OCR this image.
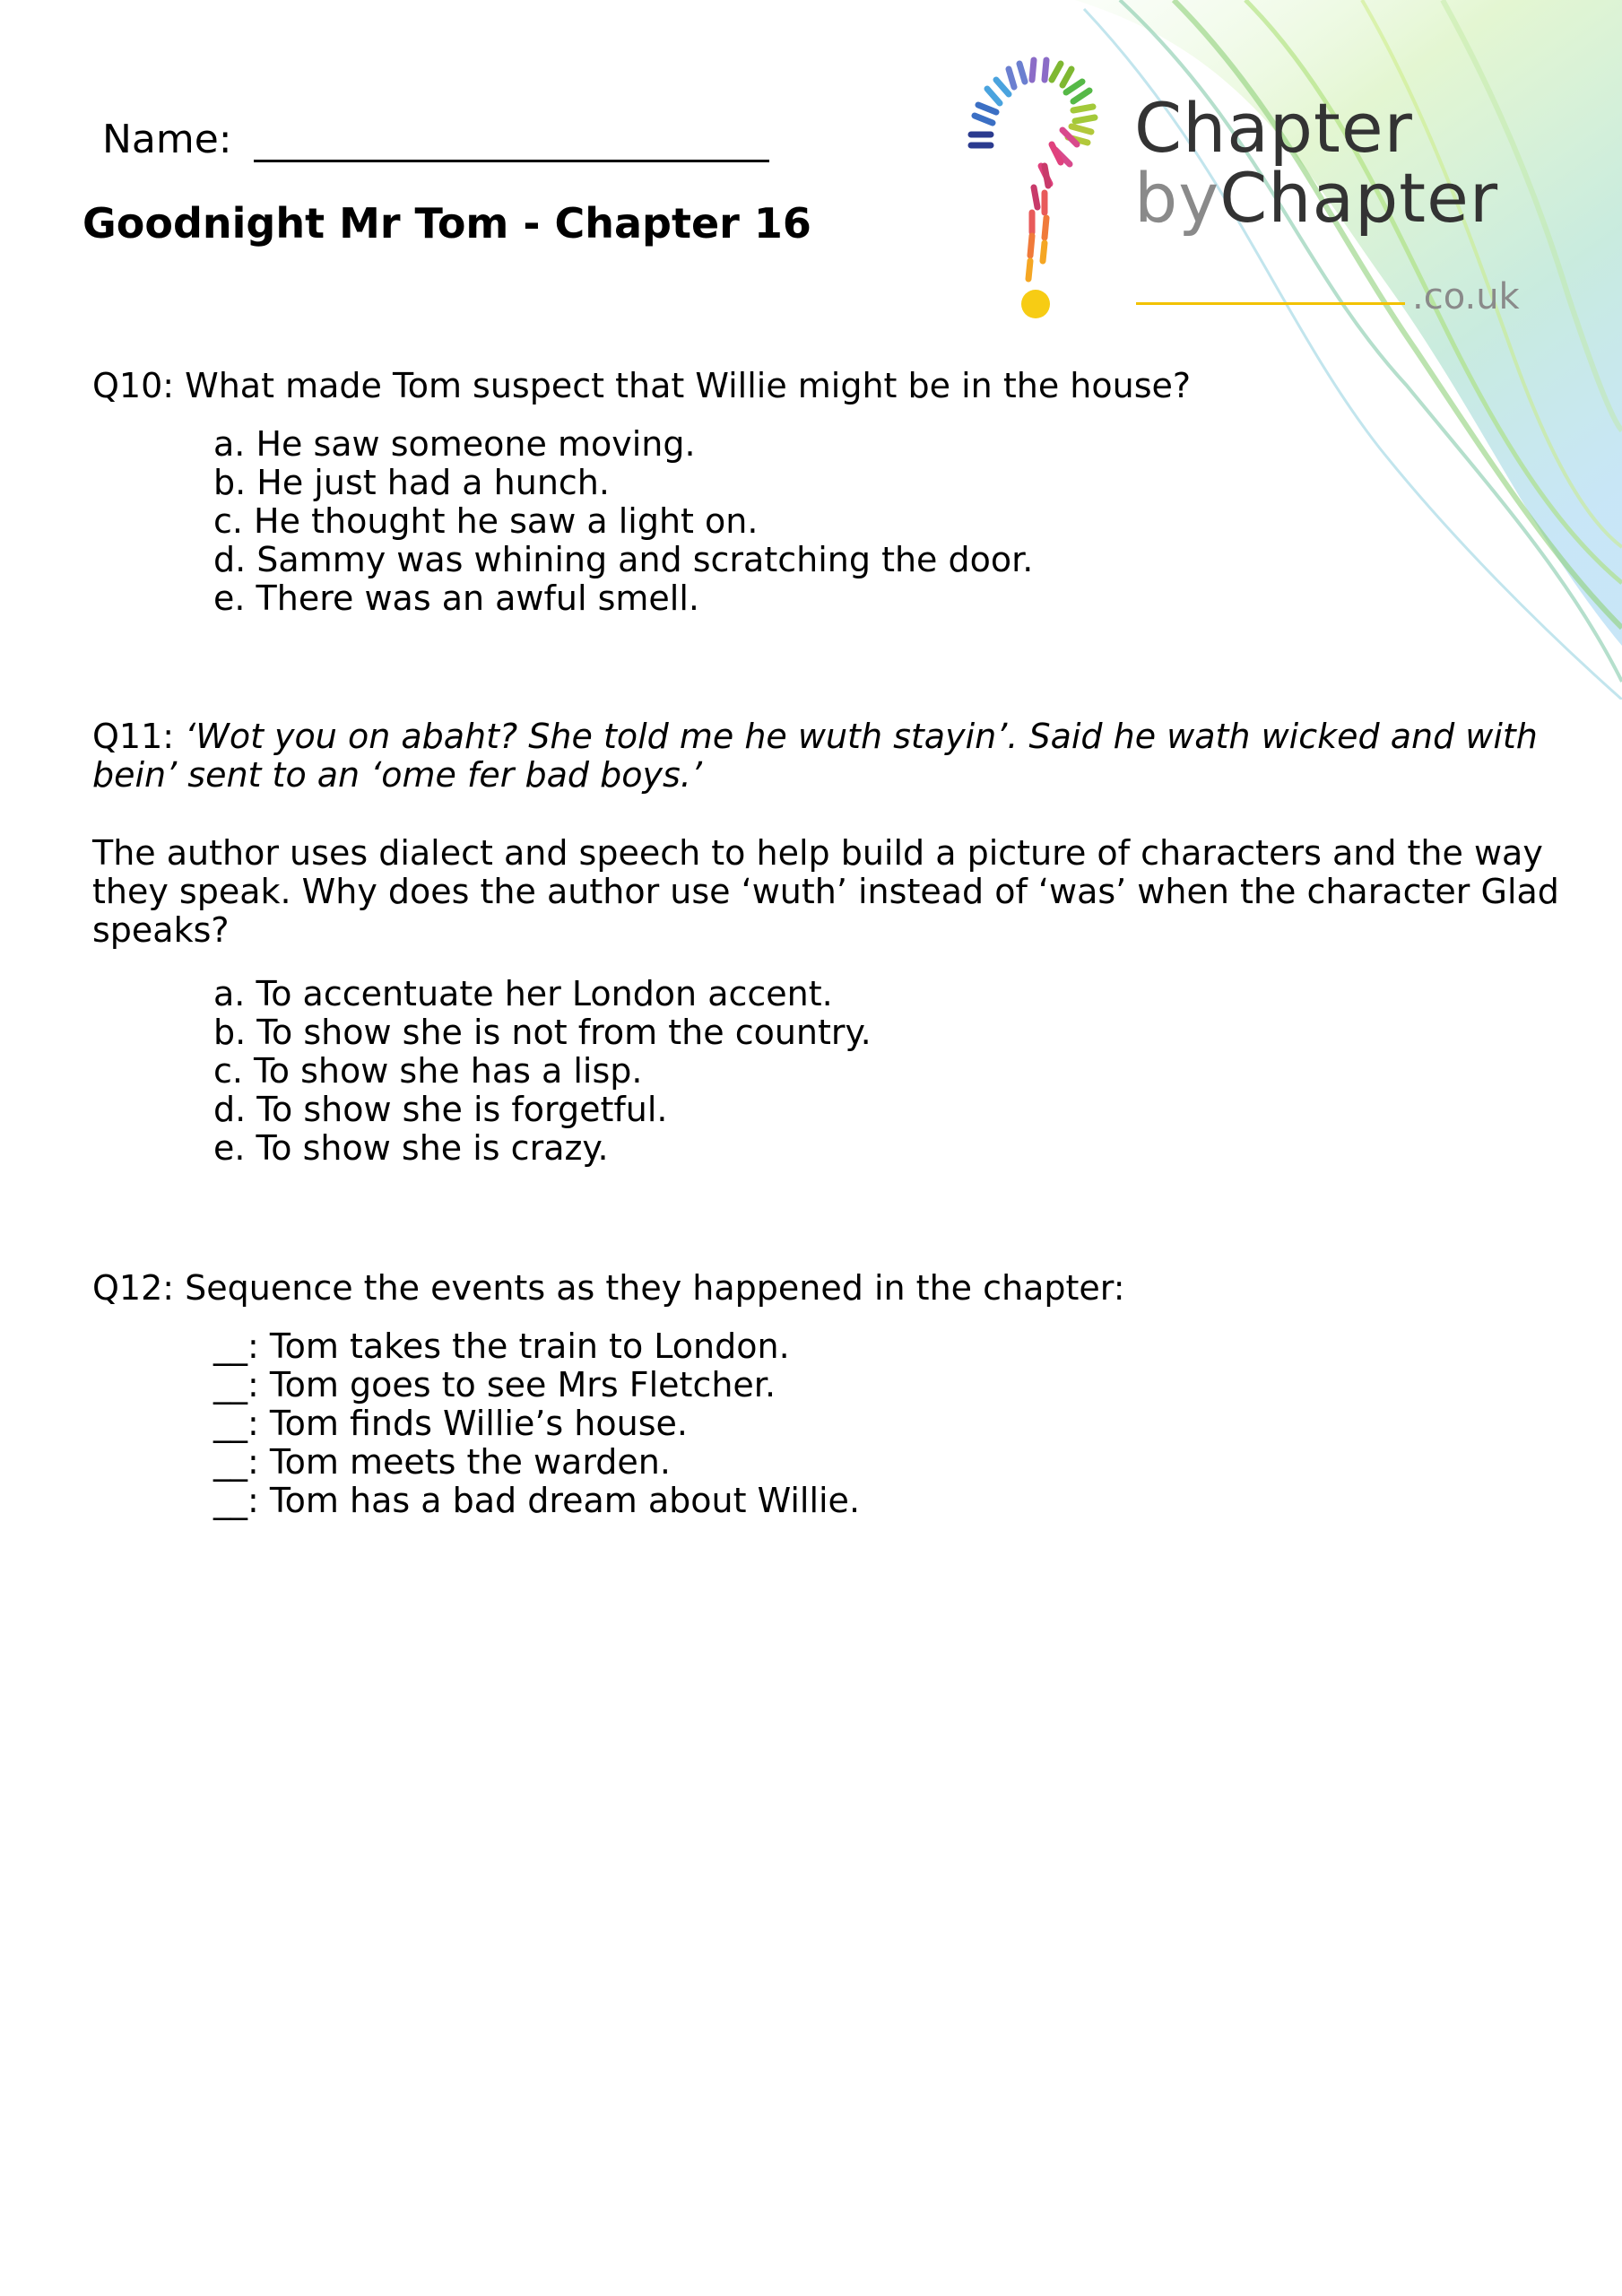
Chapter
byChapter
.co.uk
Name:
Goodnight Mr Tom - Chapter 16
Q10: What made Tom suspect that Willie might be in the house?
a. He saw someone moving.
b. He just had a hunch.
c. He thought he saw a light on.
d. Sammy was whining and scratching the door.
e. There was an awful smell.
Q11: ‘Wot you on abaht? She told me he wuth stayin’. Said he wath wicked and with
bein’ sent to an ‘ome fer bad boys.’
The author uses dialect and speech to help build a picture of characters and the way
they speak. Why does the author use ‘wuth’ instead of ‘was’ when the character Glad
speaks?
a. To accentuate her London accent.
b. To show she is not from the country.
c. To show she has a lisp.
d. To show she is forgetful.
e. To show she is crazy.
Q12: Sequence the events as they happened in the chapter:
__: Tom takes the train to London.
__: Tom goes to see Mrs Fletcher.
__: Tom finds Willie’s house.
__: Tom meets the warden.
__: Tom has a bad dream about Willie.
